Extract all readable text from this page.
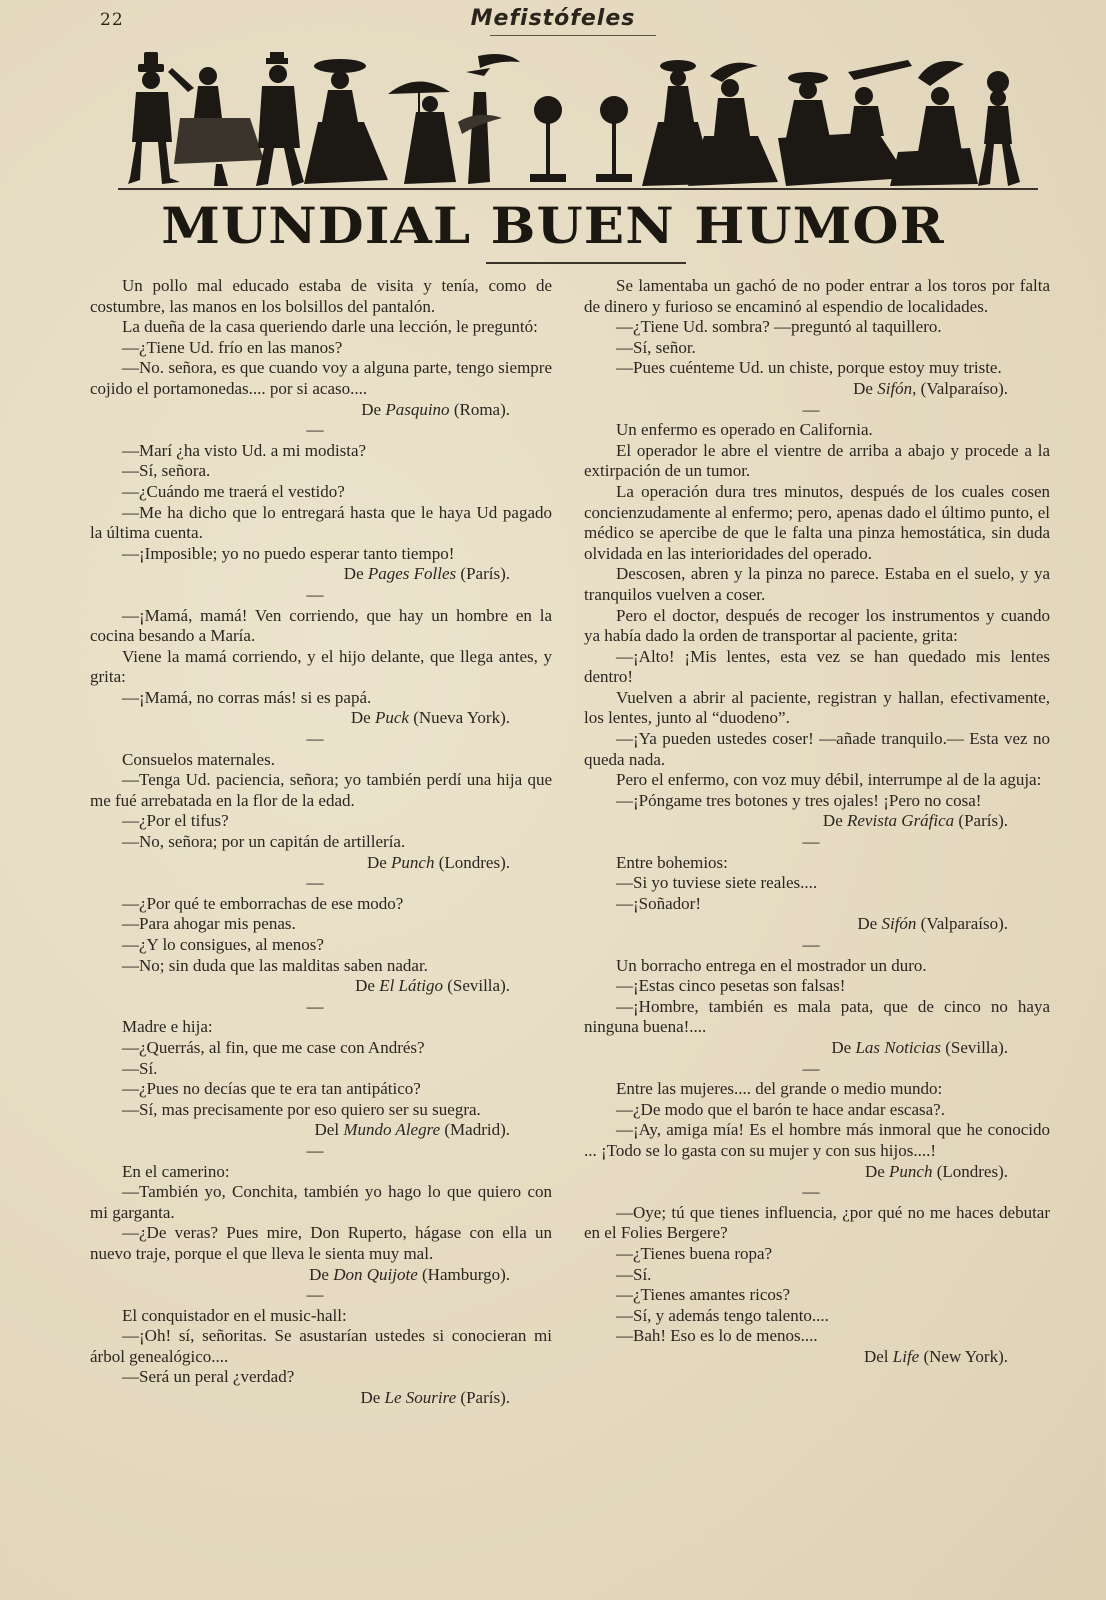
22	Mefistófeles
MUNDIAL BUEN HUMOR

Un pollo mal educado estaba de visita y tenía, como de costumbre, las manos en los bolsillos del pantalón.

La dueña de la casa queriendo darle una lección, le preguntó:

—¿Tiene Ud. frío en las manos?

—No. señora, es que cuando voy a alguna parte, tengo siempre cojido el portamonedas.... por si acaso....

De Pasquino (Roma).

—

—Marí ¿ha visto Ud. a mi modista?

—Sí, señora.

—¿Cuándo me traerá el vestido?

—Me ha dicho que lo entregará hasta que le haya Ud pagado la última cuenta.

—¡Imposible; yo no puedo esperar tanto tiempo!

De Pages Folles (París).

—

—¡Mamá, mamá! Ven corriendo, que hay un hombre en la cocina besando a María.

Viene la mamá corriendo, y el hijo delante, que llega antes, y grita:

—¡Mamá, no corras más! si es papá.

De Puck (Nueva York).

—

Consuelos maternales.

—Tenga Ud. paciencia, señora; yo también perdí una hija que me fué arrebatada en la flor de la edad.

—¿Por el tifus?

—No, señora; por un capitán de artillería.

De Punch (Londres).

—

—¿Por qué te emborrachas de ese modo?

—Para ahogar mis penas.

—¿Y lo consigues, al menos?

—No; sin duda que las malditas saben nadar.

De El Látigo (Sevilla).

—

Madre e hija:

—¿Querrás, al fin, que me case con Andrés?

—Sí.

—¿Pues no decías que te era tan antipático?

—Sí, mas precisamente por eso quiero ser su suegra.

Del Mundo Alegre (Madrid).

—

En el camerino:

—También yo, Conchita, también yo hago lo que quiero con mi garganta.

—¿De veras? Pues mire, Don Ruperto, hágase con ella un nuevo traje, porque el que lleva le sienta muy mal.

De Don Quijote (Hamburgo).

—

El conquistador en el music-hall:

—¡Oh! sí, señoritas. Se asustarían ustedes si conocieran mi árbol genealógico....

—Será un peral ¿verdad?

De Le Sourire (París).

Se lamentaba un gachó de no poder entrar a los toros por falta de dinero y furioso se encaminó al espendio de localidades.

—¿Tiene Ud. sombra? —preguntó al taquillero.

—Sí, señor.

—Pues cuénteme Ud. un chiste, porque estoy muy triste.

De Sifón, (Valparaíso).

—

Un enfermo es operado en California.

El operador le abre el vientre de arriba a abajo y procede a la extirpación de un tumor.

La operación dura tres minutos, después de los cuales cosen concienzudamente al enfermo; pero, apenas dado el último punto, el médico se apercibe de que le falta una pinza hemostática, sin duda olvidada en las interioridades del operado.

Descosen, abren y la pinza no parece. Estaba en el suelo, y ya tranquilos vuelven a coser.

Pero el doctor, después de recoger los instrumentos y cuando ya había dado la orden de transportar al paciente, grita:

—¡Alto! ¡Mis lentes, esta vez se han quedado mis lentes dentro!

Vuelven a abrir al paciente, registran y hallan, efectivamente, los lentes, junto al “duodeno”.

—¡Ya pueden ustedes coser! —añade tranquilo.— Esta vez no queda nada.

Pero el enfermo, con voz muy débil, interrumpe al de la aguja:

—¡Póngame tres botones y tres ojales! ¡Pero no cosa!

De Revista Gráfica (París).

—

Entre bohemios:

—Si yo tuviese siete reales....

—¡Soñador!

De Sifón (Valparaíso).

—

Un borracho entrega en el mostrador un duro.

—¡Estas cinco pesetas son falsas!

—¡Hombre, también es mala pata, que de cinco no haya ninguna buena!....

De Las Noticias (Sevilla).

—

Entre las mujeres.... del grande o medio mundo:

—¿De modo que el barón te hace andar escasa?.

—¡Ay, amiga mía! Es el hombre más inmoral que he conocido ... ¡Todo se lo gasta con su mujer y con sus hijos....!

De Punch (Londres).

—

—Oye; tú que tienes influencia, ¿por qué no me haces debutar en el Folies Bergere?

—¿Tienes buena ropa?

—Sí.

—¿Tienes amantes ricos?

—Sí, y además tengo talento....

—Bah! Eso es lo de menos....

Del Life (New York).
